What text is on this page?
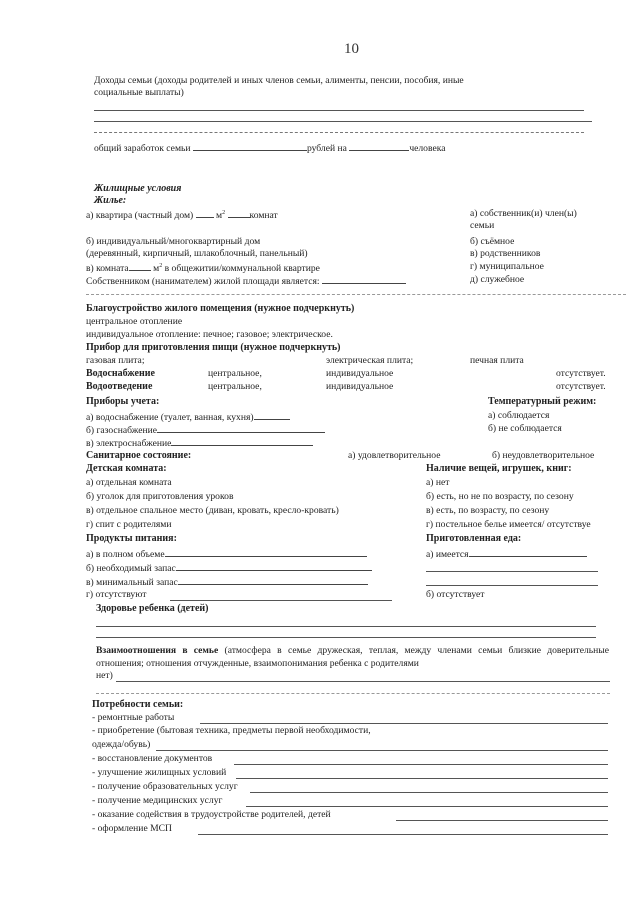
10
Доходы семьи (доходы родителей и иных членов семьи, алименты, пенсии, пособия, иные
социальные выплаты)
общий заработок семьи	рублей на	человека
Жилищные условия
Жилье:
а) квартира (частный дом) $м^2$	комнат
б) индивидуальный/многоквартирный дом
(деревянный, кирпичный, шлакоблочный, панельный)
в) комната	$м^2$ в общежитии/коммунальной квартире
Собственником (нанимателем) жилой площади является:
а) собственник(и) член(ы)
семьи
б) съёмное
в) родственников
г) муниципальное
д) служебное
Благоустройство жилого помещения (нужное подчеркнуть)
центральное отопление
индивидуальное отопление: печное; газовое; электрическое.
Прибор для приготовления пищи (нужное подчеркнуть)
газовая плита;	электрическая плита;	печная плита
Водоснабжение	центральное,	индивидуальное	отсутствует.
Водоотведение	центральное,	индивидуальное	отсутствует.
Приборы учета:
а) водоснабжение (туалет, ванная, кухня)
б) газоснабжение
в) электроснабжение
Температурный режим:
а) соблюдается
б) не соблюдается
Санитарное состояние:	а) удовлетворительное	б) неудовлетворительное
Детская комната:
а) отдельная комната
б) уголок для приготовления уроков
в) отдельное спальное место (диван, кровать, кресло-кровать)
г) спит с родителями
Наличие вещей, игрушек, книг:
а) нет
б) есть, но не по возрасту, по сезону
в) есть, по возрасту, по сезону
г) постельное белье имеется/ отсутствуе
Продукты питания:
а) в полном объеме
б) необходимый запас
в) минимальный запас
г) отсутствуют
Приготовленная еда:
а) имеется
б) отсутствует
Здоровье ребенка (детей)
Взаимоотношения в семье (атмосфера в семье дружеская, теплая, между членами семьи близкие доверительные отношения; отношения отчужденные, взаимопонимания ребенка с родителями
нет)
Потребности семьи:
- ремонтные работы
- приобретение (бытовая техника, предметы первой необходимости,
одежда/обувь)
- восстановление документов
- улучшение жилищных условий
- получение образовательных услуг
- получение медицинских услуг
- оказание содействия в трудоустройстве родителей, детей
- оформление МСП
